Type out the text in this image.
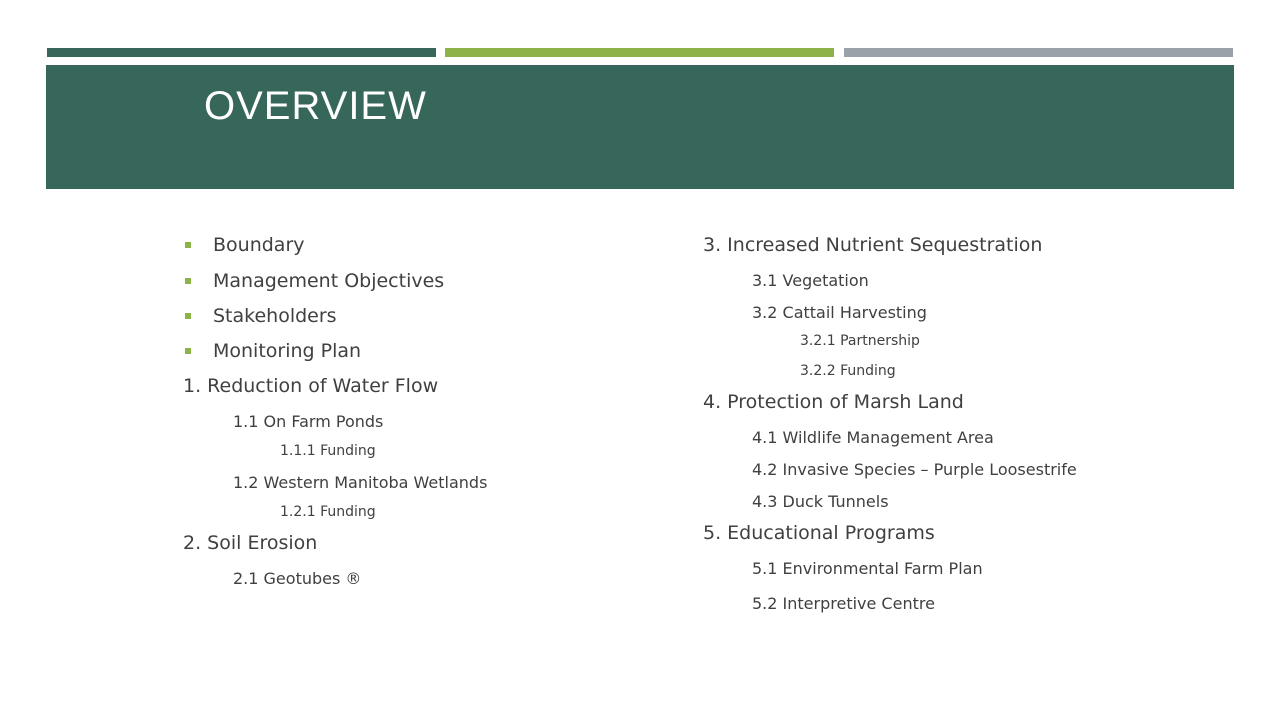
OVERVIEW
Boundary
Management Objectives
Stakeholders
Monitoring Plan
1. Reduction of Water Flow
1.1 On Farm Ponds
1.1.1 Funding
1.2 Western Manitoba Wetlands
1.2.1 Funding
2. Soil Erosion
2.1 Geotubes ®
3. Increased Nutrient Sequestration
3.1 Vegetation
3.2 Cattail Harvesting
3.2.1 Partnership
3.2.2 Funding
4. Protection of Marsh Land
4.1 Wildlife Management Area
4.2 Invasive Species – Purple Loosestrife
4.3 Duck Tunnels
5. Educational Programs
5.1 Environmental Farm Plan
5.2 Interpretive Centre
